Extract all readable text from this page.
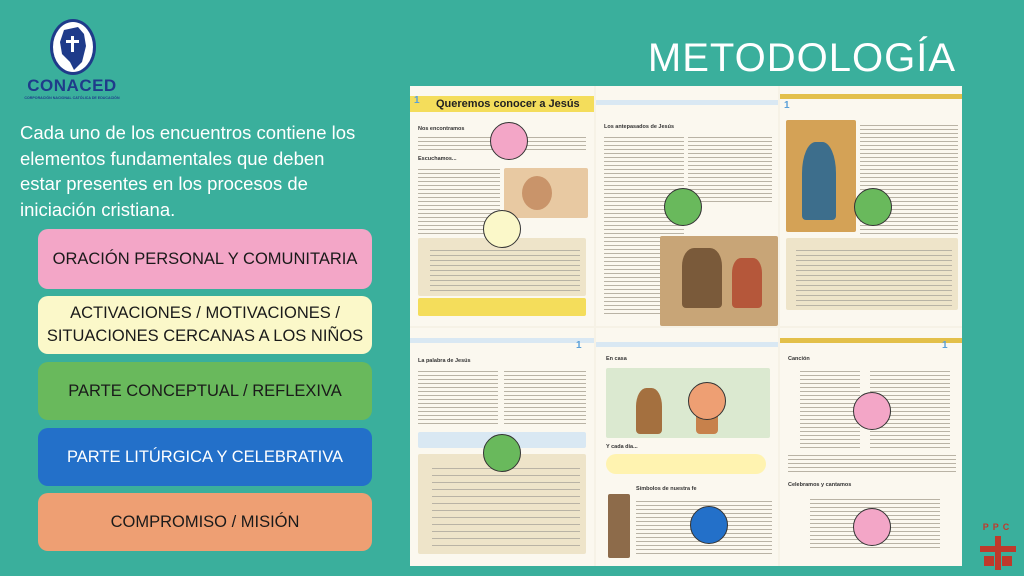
CONACED
CORPORACIÓN NACIONAL CATÓLICA DE EDUCACIÓN
METODOLOGÍA
Cada uno de los encuentros contiene los elementos fundamentales que deben estar presentes en los procesos de iniciación cristiana.
ORACIÓN PERSONAL Y COMUNITARIA
ACTIVACIONES / MOTIVACIONES / SITUACIONES CERCANAS A LOS NIÑOS
PARTE CONCEPTUAL / REFLEXIVA
PARTE LITÚRGICA Y CELEBRATIVA
COMPROMISO / MISIÓN
1 Queremos conocer a Jesús
Nos encontramos
Escuchamos...
Los antepasados de Jesús
1
1
La palabra de Jesús	En casa
Y cada día...
Símbolos de nuestra fe
1
Canción
Celebramos y cantamos
PPC
